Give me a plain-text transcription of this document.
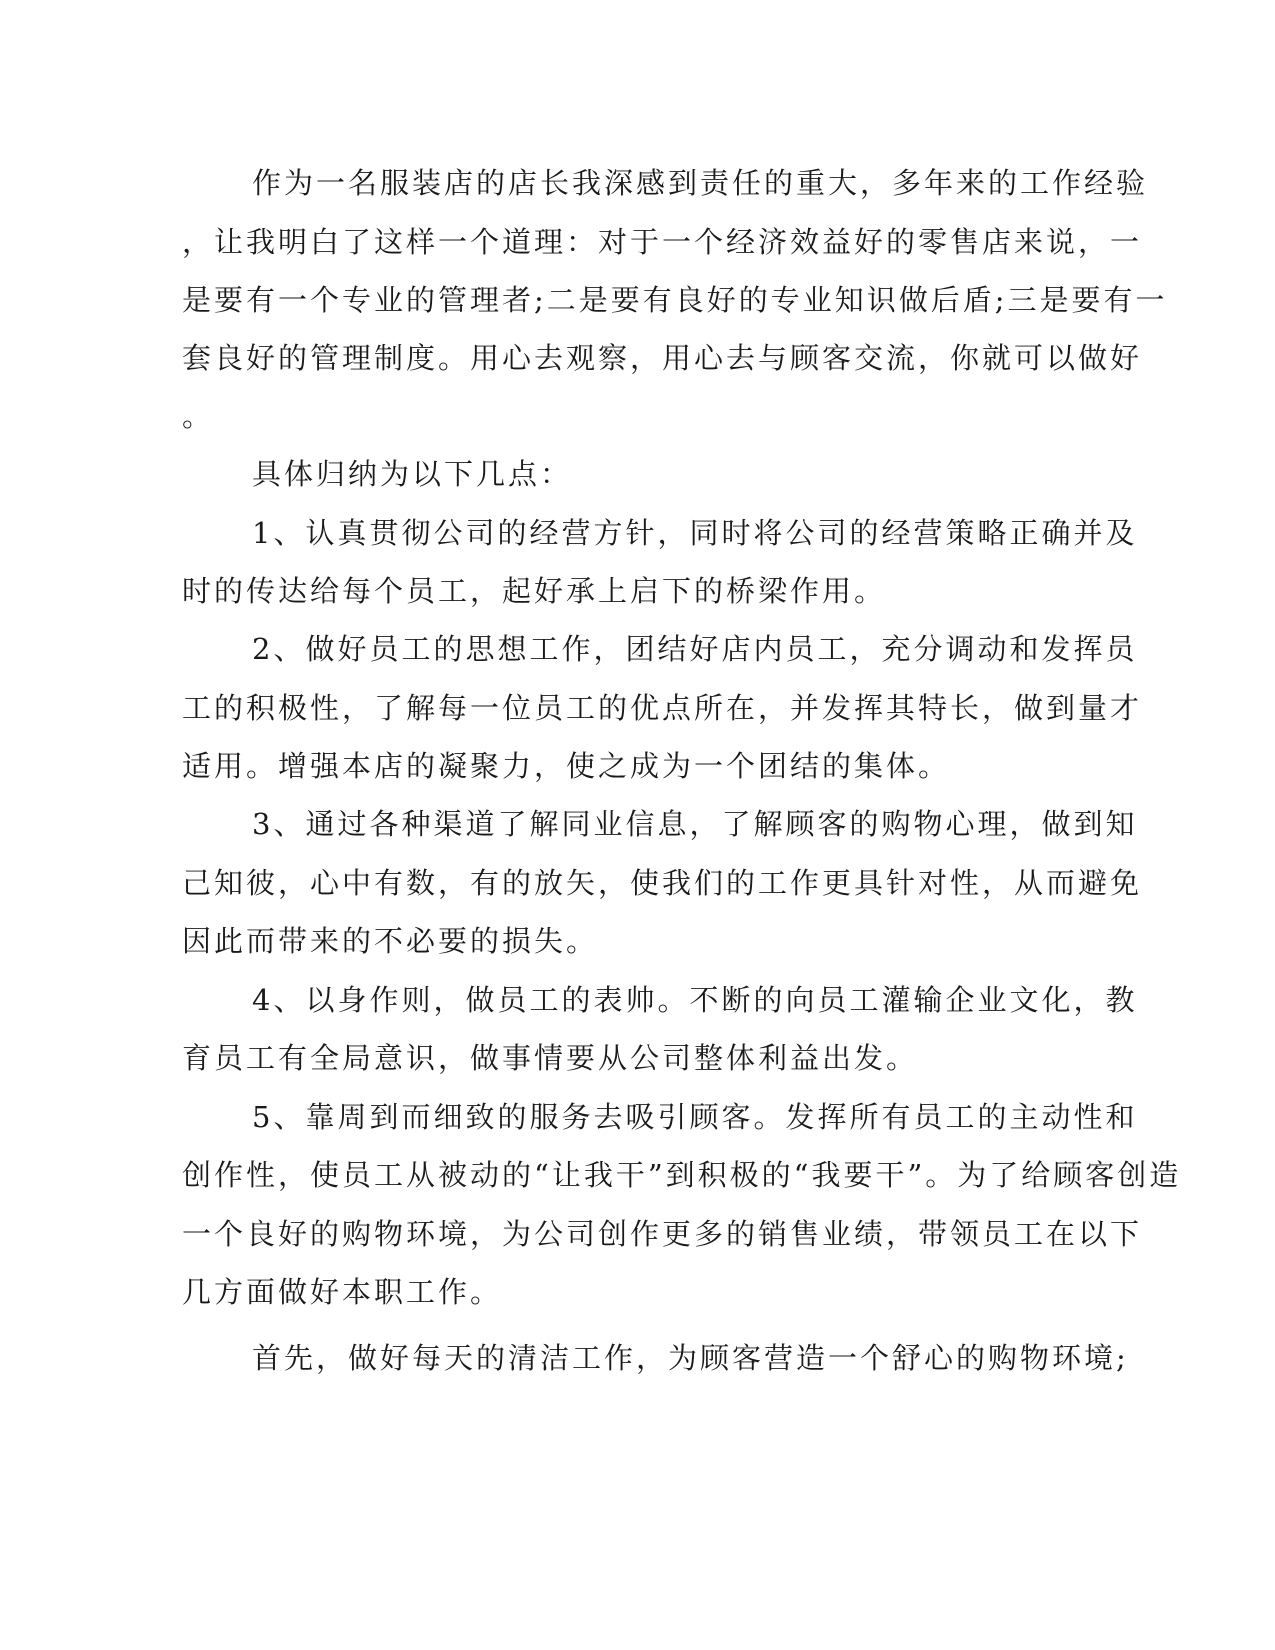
作为一名服装店的店长我深感到责任的重大，多年来的工作经验
，让我明白了这样一个道理：对于一个经济效益好的零售店来说，一
是要有一个专业的管理者;二是要有良好的专业知识做后盾;三是要有一
套良好的管理制度。用心去观察，用心去与顾客交流，你就可以做好
。
具体归纳为以下几点：
1、认真贯彻公司的经营方针，同时将公司的经营策略正确并及
时的传达给每个员工，起好承上启下的桥梁作用。
2、做好员工的思想工作，团结好店内员工，充分调动和发挥员
工的积极性，了解每一位员工的优点所在，并发挥其特长，做到量才
适用。增强本店的凝聚力，使之成为一个团结的集体。
3、通过各种渠道了解同业信息，了解顾客的购物心理，做到知
己知彼，心中有数，有的放矢，使我们的工作更具针对性，从而避免
因此而带来的不必要的损失。
4、以身作则，做员工的表帅。不断的向员工灌输企业文化，教
育员工有全局意识，做事情要从公司整体利益出发。
5、靠周到而细致的服务去吸引顾客。发挥所有员工的主动性和
创作性，使员工从被动的“让我干”到积极的“我要干”。为了给顾客创造
一个良好的购物环境，为公司创作更多的销售业绩，带领员工在以下
几方面做好本职工作。
首先，做好每天的清洁工作，为顾客营造一个舒心的购物环境;
